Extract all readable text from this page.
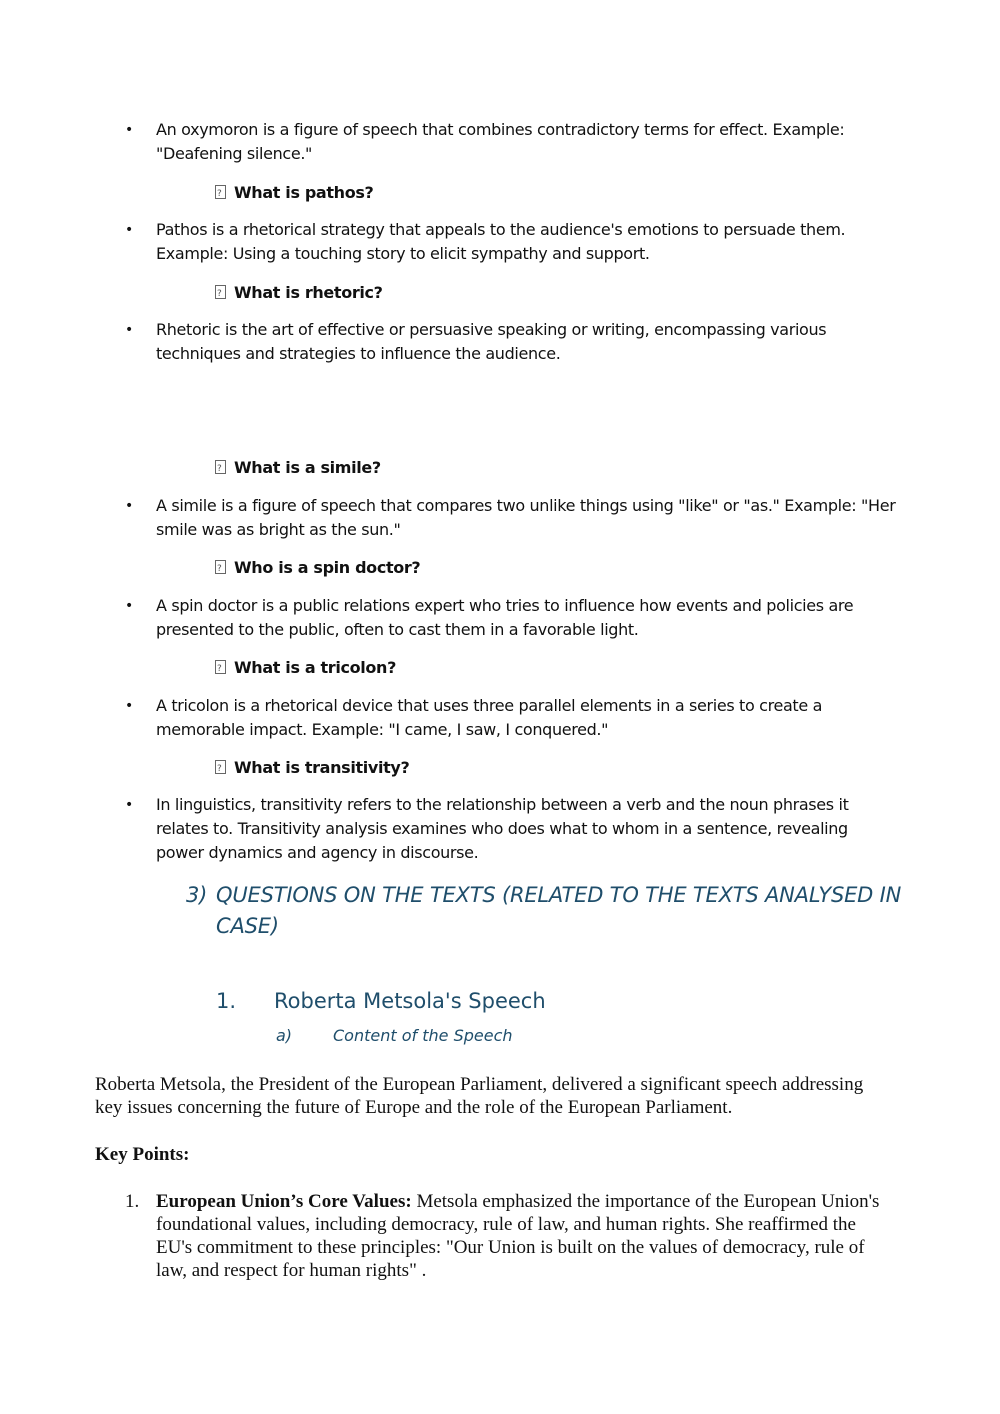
• An oxymoron is a figure of speech that combines contradictory terms for effect. Example: "Deafening silence."
?What is pathos?
• Pathos is a rhetorical strategy that appeals to the audience's emotions to persuade them. Example: Using a touching story to elicit sympathy and support.
?What is rhetoric?
• Rhetoric is the art of effective or persuasive speaking or writing, encompassing various techniques and strategies to influence the audience.
?What is a simile?
• A simile is a figure of speech that compares two unlike things using "like" or "as." Example: "Her smile was as bright as the sun."
?Who is a spin doctor?
• A spin doctor is a public relations expert who tries to influence how events and policies are presented to the public, often to cast them in a favorable light.
?What is a tricolon?
• A tricolon is a rhetorical device that uses three parallel elements in a series to create a memorable impact. Example: "I came, I saw, I conquered."
?What is transitivity?
• In linguistics, transitivity refers to the relationship between a verb and the noun phrases it relates to. Transitivity analysis examines who does what to whom in a sentence, revealing power dynamics and agency in discourse.
3) QUESTIONS ON THE TEXTS (RELATED TO THE TEXTS ANALYSED IN CASE)
1. Roberta Metsola's Speech
a)	Content of the Speech
Roberta Metsola, the President of the European Parliament, delivered a significant speech addressing key issues concerning the future of Europe and the role of the European Parliament.
Key Points:
1. European Union’s Core Values: Metsola emphasized the importance of the European Union's foundational values, including democracy, rule of law, and human rights. She reaffirmed the EU's commitment to these principles: "Our Union is built on the values of democracy, rule of law, and respect for human rights" .
